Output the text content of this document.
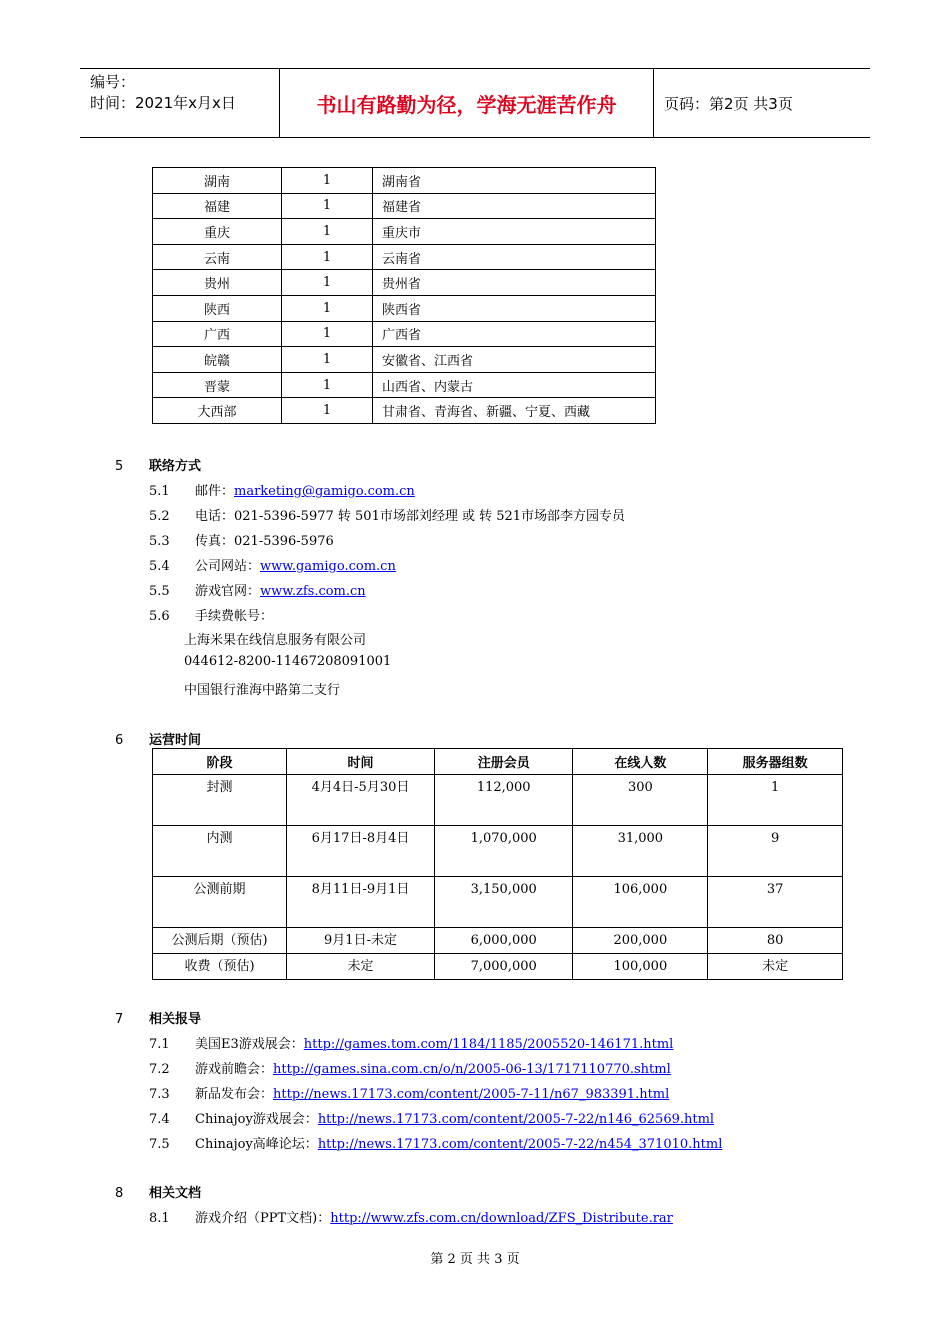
编号：
时间：2021年x月x日	书山有路勤为径，学海无涯苦作舟	页码：第2页 共3页
湖南	1	湖南省
福建	1	福建省
重庆	1	重庆市
云南	1	云南省
贵州	1	贵州省
陕西	1	陕西省
广西	1	广西省
皖赣	1	安徽省、江西省
晋蒙	1	山西省、内蒙古
大西部	1	甘肃省、青海省、新疆、宁夏、西藏
5 联络方式
5.1 邮件：marketing@gamigo.com.cn
5.2 电话：021-5396-5977 转 501市场部刘经理 或 转 521市场部李方园专员
5.3 传真：021-5396-5976
5.4 公司网站：www.gamigo.com.cn
5.5 游戏官网：www.zfs.com.cn
5.6 手续费帐号：
上海米果在线信息服务有限公司
044612-8200-11467208091001
中国银行淮海中路第二支行
6 运营时间
阶段	时间	注册会员	在线人数	服务器组数
封测	4月4日-5月30日	112,000	300	1
内测	6月17日-8月4日	1,070,000	31,000	9
公测前期	8月11日-9月1日	3,150,000	106,000	37
公测后期（预估)	9月1日-未定	6,000,000	200,000	80
收费（预估)	未定	7,000,000	100,000	未定
7 相关报导
7.1 美国E3游戏展会：http://games.tom.com/1184/1185/2005520-146171.html
7.2 游戏前瞻会：http://games.sina.com.cn/o/n/2005-06-13/1717110770.shtml
7.3 新品发布会：http://news.17173.com/content/2005-7-11/n67_983391.html
7.4 Chinajoy游戏展会：http://news.17173.com/content/2005-7-22/n146_62569.html
7.5 Chinajoy高峰论坛：http://news.17173.com/content/2005-7-22/n454_371010.html
8 相关文档
8.1 游戏介绍（PPT文档)：http://www.zfs.com.cn/download/ZFS_Distribute.rar
第 2 页 共 3 页
